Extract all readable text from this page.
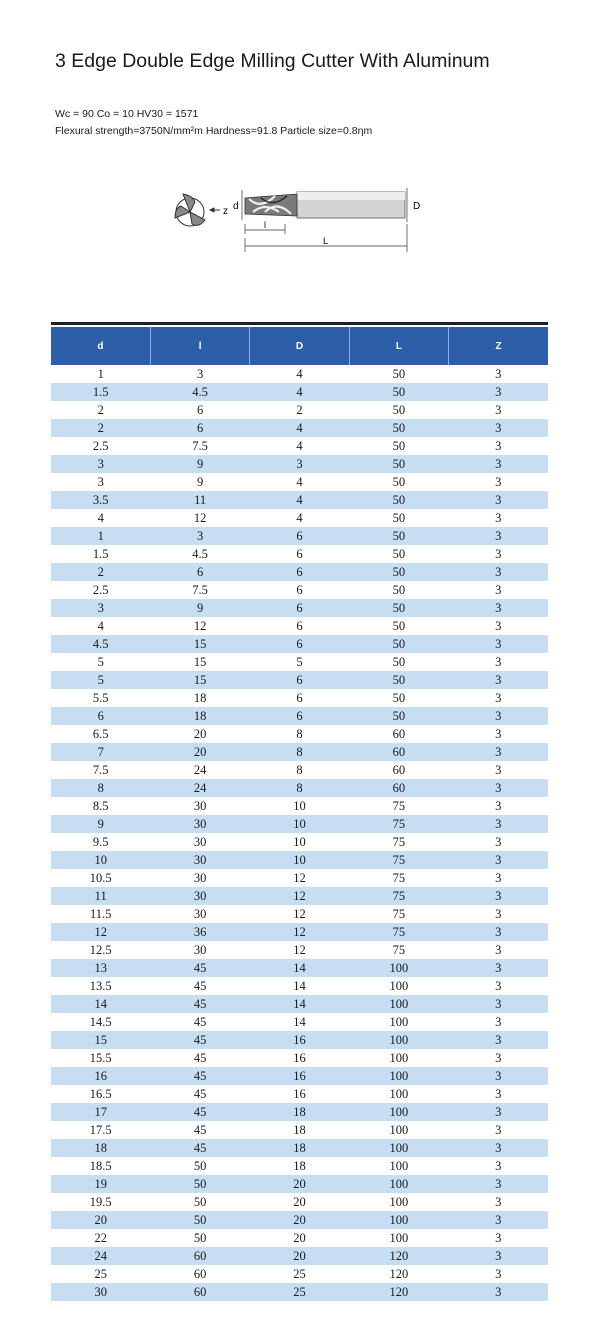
3 Edge Double Edge Milling Cutter With Aluminum
Wc = 90 Co = 10 HV30 = 1571
Flexural strength=3750N/mm²m Hardness=91.8 Particle size=0.8ηm
z d	D
l
L
d	l	D	L	Z
1	3	4	50	3
1.5	4.5	4	50	3
2	6	2	50	3
2	6	4	50	3
2.5	7.5	4	50	3
3	9	3	50	3
3	9	4	50	3
3.5	11	4	50	3
4	12	4	50	3
1	3	6	50	3
1.5	4.5	6	50	3
2	6	6	50	3
2.5	7.5	6	50	3
3	9	6	50	3
4	12	6	50	3
4.5	15	6	50	3
5	15	5	50	3
5	15	6	50	3
5.5	18	6	50	3
6	18	6	50	3
6.5	20	8	60	3
7	20	8	60	3
7.5	24	8	60	3
8	24	8	60	3
8.5	30	10	75	3
9	30	10	75	3
9.5	30	10	75	3
10	30	10	75	3
10.5	30	12	75	3
11	30	12	75	3
11.5	30	12	75	3
12	36	12	75	3
12.5	30	12	75	3
13	45	14	100	3
13.5	45	14	100	3
14	45	14	100	3
14.5	45	14	100	3
15	45	16	100	3
15.5	45	16	100	3
16	45	16	100	3
16.5	45	16	100	3
17	45	18	100	3
17.5	45	18	100	3
18	45	18	100	3
18.5	50	18	100	3
19	50	20	100	3
19.5	50	20	100	3
20	50	20	100	3
22	50	20	100	3
24	60	20	120	3
25	60	25	120	3
30	60	25	120	3
